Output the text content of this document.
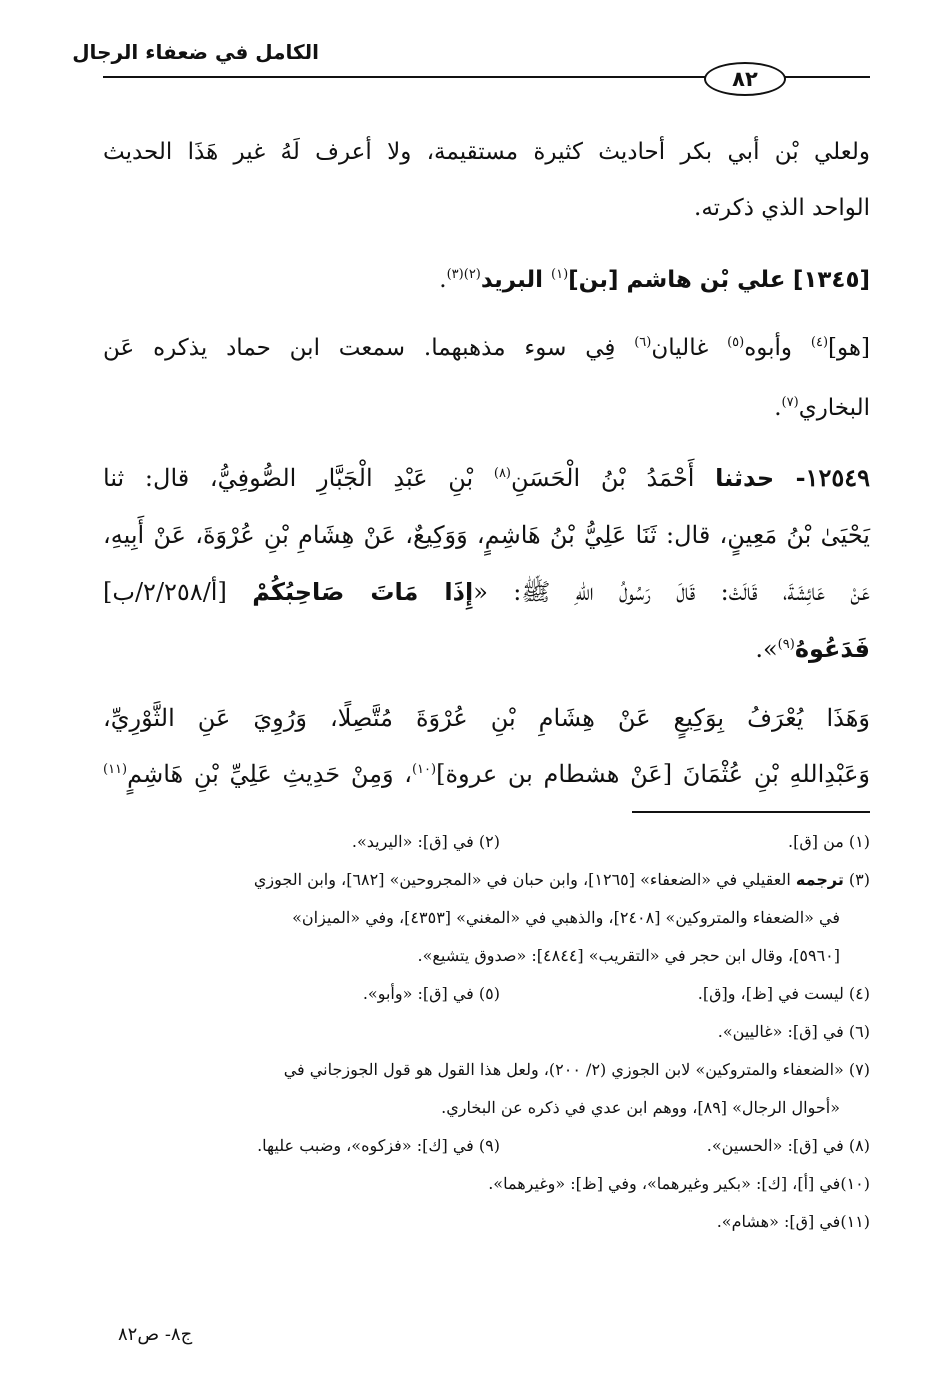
الكامل في ضعفاء الرجال
٨٢
ولعلي بْن أبي بكر أحاديث كثيرة مستقيمة، ولا أعرف لَهُ غير هَذَا الحديث
الواحد الذي ذكرته.
[١٣٤٥] علي بْن هاشم [بن]$^{(١)}$ البريد$^{(٢)(٣)}$.
[هو]$^{(٤)}$ وأبوه$^{(٥)}$ غاليان$^{(٦)}$ فِي سوء مذهبهما. سمعت ابن حماد يذكره عَن
البخاري$^{(٧)}$.
١٢٥٤٩- حدثنا أَحْمَدُ بْنُ الْحَسَنِ$^{(٨)}$ بْنِ عَبْدِ الْجَبَّارِ الصُّوفِيُّ، قال: ثنا
يَحْيَىٰ بْنُ مَعِينٍ، قال: ثَنَا عَلِيُّ بْنُ هَاشِمٍ، وَوَكِيعٌ، عَنْ هِشَامِ بْنِ عُرْوَةَ، عَنْ أَبِيهِ،
عَنْ عَائِشَةَ، قَالَتْ: قَالَ رَسُولُ اللهِ ﷺ: «إِذَا مَاتَ صَاحِبُكُمْ [أ/٢/٢٥٨/ب]
فَدَعُوهُ$^{(٩)}$».
وَهَذَا يُعْرَفُ بِوَكِيعٍ عَنْ هِشَامِ بْنِ عُرْوَةَ مُتَّصِلًا، وَرُوِيَ عَنِ الثَّوْرِيِّ،
وَعَبْدِاللهِ بْنِ عُثْمَانَ [عَنْ هشطام بن عروة]$^{(١٠)}$، وَمِنْ حَدِيثِ عَلِيِّ بْنِ هَاشِمٍ$^{(١١)}$
(١) من [ق].
(٢) في [ق]: «اليريد».
(٣) ترجمه العقيلي في «الضعفاء» [١٢٦٥]، وابن حبان في «المجروحين» [٦٨٢]، وابن الجوزي
في «الضعفاء والمتروكين» [٢٤٠٨]، والذهبي في «المغني» [٤٣٥٣]، وفي «الميزان»
[٥٩٦٠]، وقال ابن حجر في «التقريب» [٤٨٤٤]: «صدوق يتشيع».
(٤) ليست في [ظ]، و[ق].
(٥) في [ق]: «وأبو».
(٦) في [ق]: «غاليين».
(٧) «الضعفاء والمتروكين» لابن الجوزي (٢/ ٢٠٠)، ولعل هذا القول هو قول الجوزجاني في
«أحوال الرجال» [٨٩]، ووهم ابن عدي في ذكره عن البخاري.
(٨) في [ق]: «الحسين».
(٩) في [ك]: «فزكوه»، وضبب عليها.
(١٠)في [أ]، [ك]: «بكير وغيرهما»، وفي [ظ]: «وغيرهما».
(١١)في [ق]: «هشام».
ج٨- ص٨٢
